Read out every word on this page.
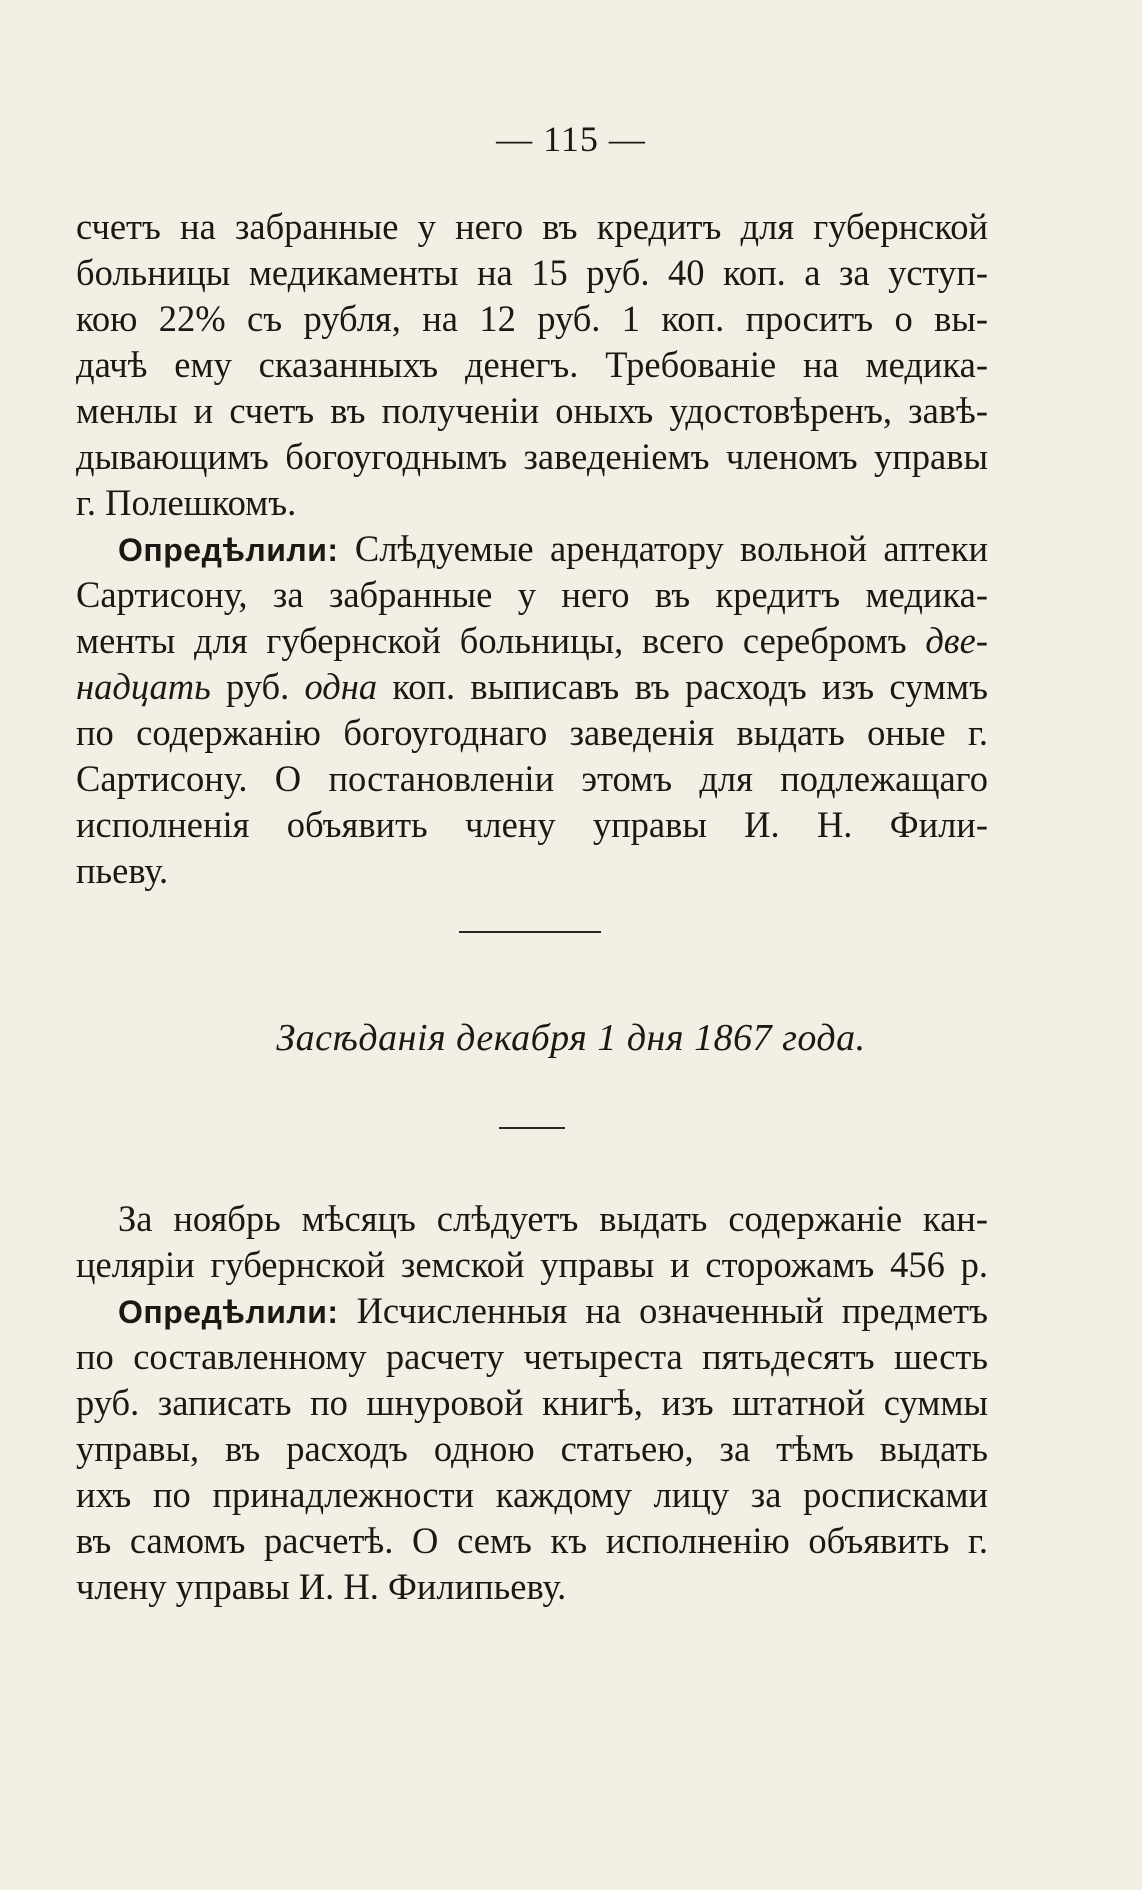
— 115 —
счетъ на забранные у него въ кредитъ для губернской
больницы медикаменты на 15 руб. 40 коп. а за уступ-
кою 22% съ рубля, на 12 руб. 1 коп. проситъ о вы-
дачѣ ему сказанныхъ денегъ. Требованіе на медика-
менлы и счетъ въ полученіи оныхъ удостовѣренъ, завѣ-
дывающимъ богоугоднымъ заведеніемъ членомъ управы
г. Полешкомъ.
Опредѣлили: Слѣдуемые арендатору вольной аптеки
Сартисону, за забранные у него въ кредитъ медика-
менты для губернской больницы, всего серебромъ две-
надцать руб. одна коп. выписавъ въ расходъ изъ суммъ
по содержанію богоугоднаго заведенія выдать оные г.
Сартисону. О постановленіи этомъ для подлежащаго
исполненія объявить члену управы И. Н. Фили-
пьеву.
Засѣданія декабря 1 дня 1867 года.
За ноябрь мѣсяцъ слѣдуетъ выдать содержаніе кан-
целяріи губернской земской управы и сторожамъ 456 р.
Опредѣлили: Исчисленныя на означенный предметъ
по составленному расчету четыреста пятьдесятъ шесть
руб. записать по шнуровой книгѣ, изъ штатной суммы
управы, въ расходъ одною статьею, за тѣмъ выдать
ихъ по принадлежности каждому лицу за росписками
въ самомъ расчетѣ. О семъ къ исполненію объявить г.
члену управы И. Н. Филипьеву.
